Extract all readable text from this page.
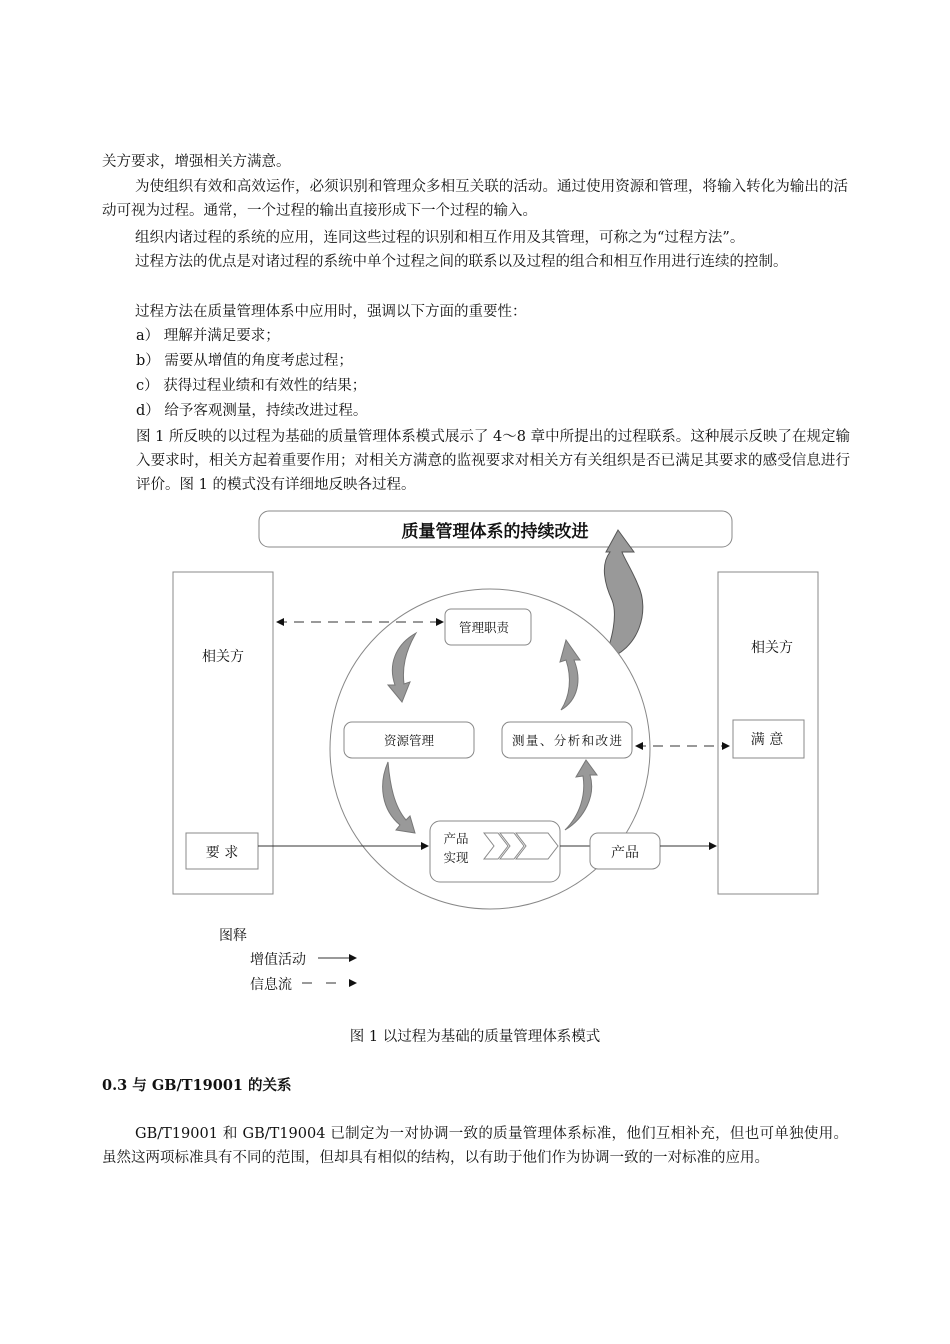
关方要求，增强相关方满意。
为使组织有效和高效运作，必须识别和管理众多相互关联的活动。通过使用资源和管理，将输入转化为输出的活动可视为过程。通常，一个过程的输出直接形成下一个过程的输入。
组织内诸过程的系统的应用，连同这些过程的识别和相互作用及其管理，可称之为“过程方法”。
过程方法的优点是对诸过程的系统中单个过程之间的联系以及过程的组合和相互作用进行连续的控制。
过程方法在质量管理体系中应用时，强调以下方面的重要性：
a） 理解并满足要求；
b） 需要从增值的角度考虑过程；
c） 获得过程业绩和有效性的结果；
d） 给予客观测量，持续改进过程。
图 1 所反映的以过程为基础的质量管理体系模式展示了 4～8 章中所提出的过程联系。这种展示反映了在规定输入要求时，相关方起着重要作用；对相关方满意的监视要求对相关方有关组织是否已满足其要求的感受信息进行评价。图 1 的模式没有详细地反映各过程。
质量管理体系的持续改进
相关方
相关方
管理职责
资源管理	测量、分析和改进	满 意
要 求
产品
实现	产品
图释
增值活动
信息流
图 1 以过程为基础的质量管理体系模式
0.3 与 GB/T19001 的关系
GB/T19001 和 GB/T19004 已制定为一对协调一致的质量管理体系标准，他们互相补充，但也可单独使用。虽然这两项标准具有不同的范围，但却具有相似的结构，以有助于他们作为协调一致的一对标准的应用。
